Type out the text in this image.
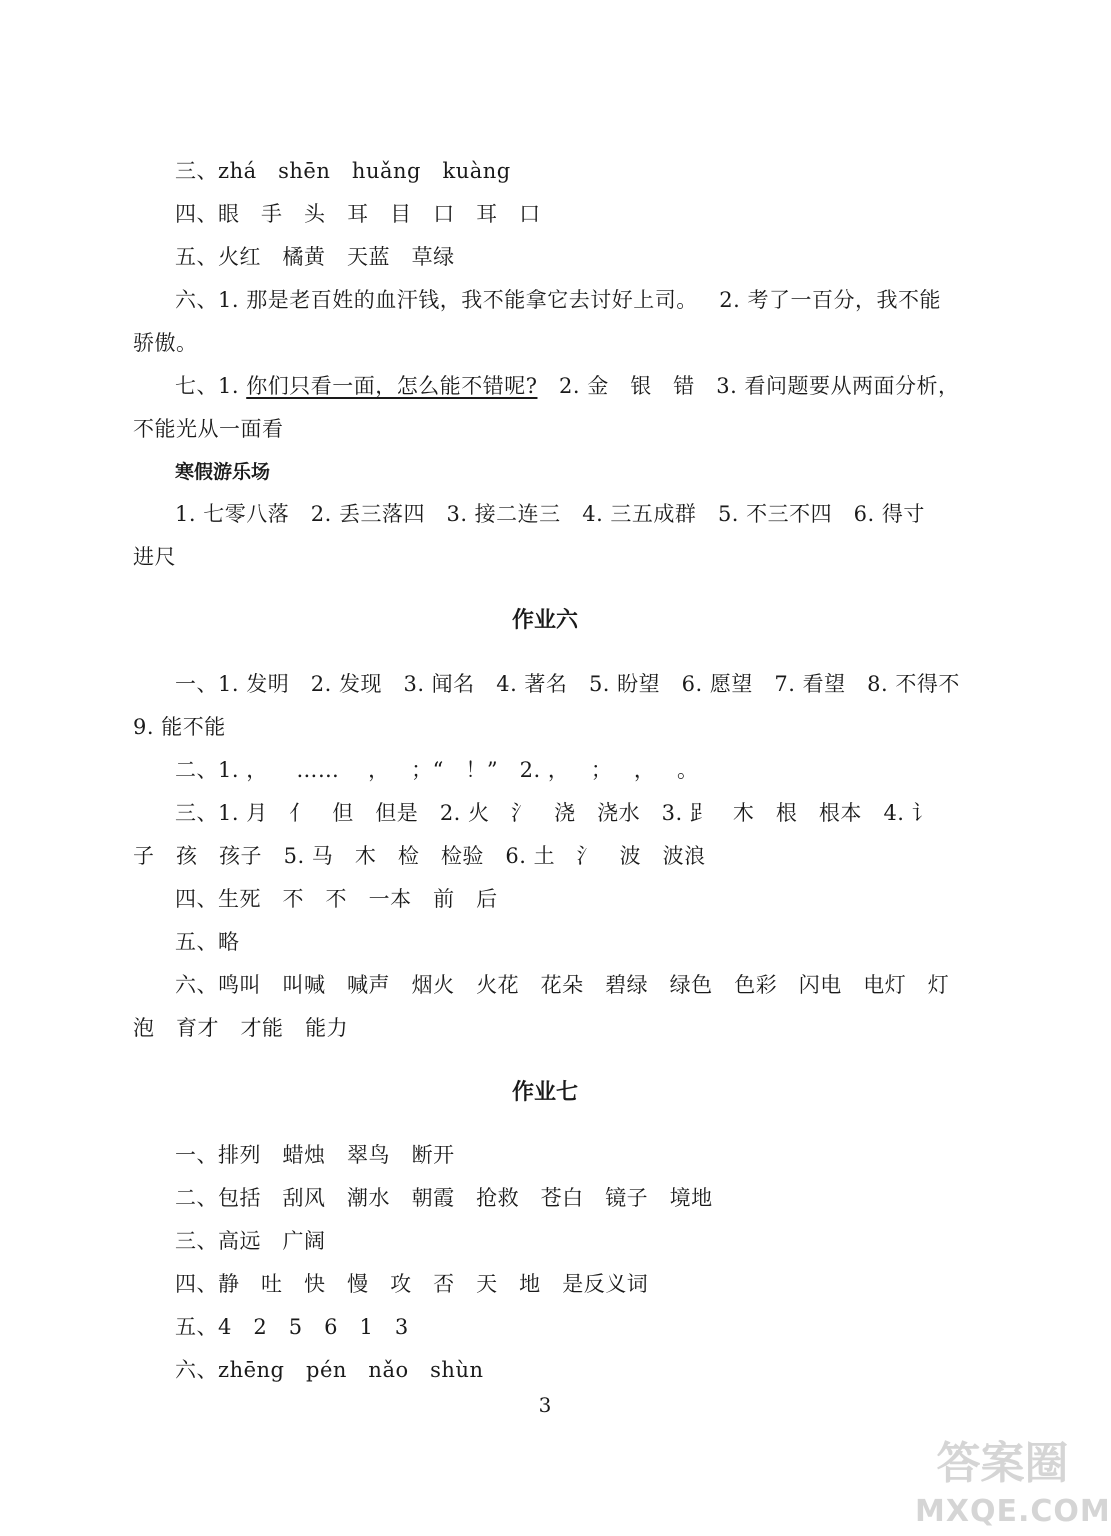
三、zhá   shēn   huǎng   kuàng
四、眼   手   头   耳   目   口   耳   口
五、火红   橘黄   天蓝   草绿
六、1. 那是老百姓的血汗钱，我不能拿它去讨好上司。   2. 考了一百分，我不能
骄傲。
七、1. 你们只看一面，怎么能不错呢?   2. 金   银   错   3. 看问题要从两面分析，
不能光从一面看
寒假游乐场
1. 七零八落   2. 丢三落四   3. 接二连三   4. 三五成群   5. 不三不四   6. 得寸
进尺
作业六
一、1. 发明   2. 发现   3. 闻名   4. 著名   5. 盼望   6. 愿望   7. 看望   8. 不得不
9. 能不能
二、1. ，    ……    ，   ；“   ！”   2. ，   ；   ，   。
三、1. 月   亻   但   但是   2. 火   氵   浇   浇水   3. 𧾷   木   根   根本   4. 讠
子   孩   孩子   5. 马   木   检   检验   6. 土   氵   波   波浪
四、生死   不   不   一本   前   后
五、略
六、鸣叫   叫喊   喊声   烟火   火花   花朵   碧绿   绿色   色彩   闪电   电灯   灯
泡   育才   才能   能力
作业七
一、排列   蜡烛   翠鸟   断开
二、包括   刮风   潮水   朝霞   抢救   苍白   镜子   境地
三、高远   广阔
四、静   吐   快   慢   攻   否   天   地   是反义词
五、4   2   5   6   1   3
六、zhēng   pén   nǎo   shùn
3
答案圈
MXQE.COM
